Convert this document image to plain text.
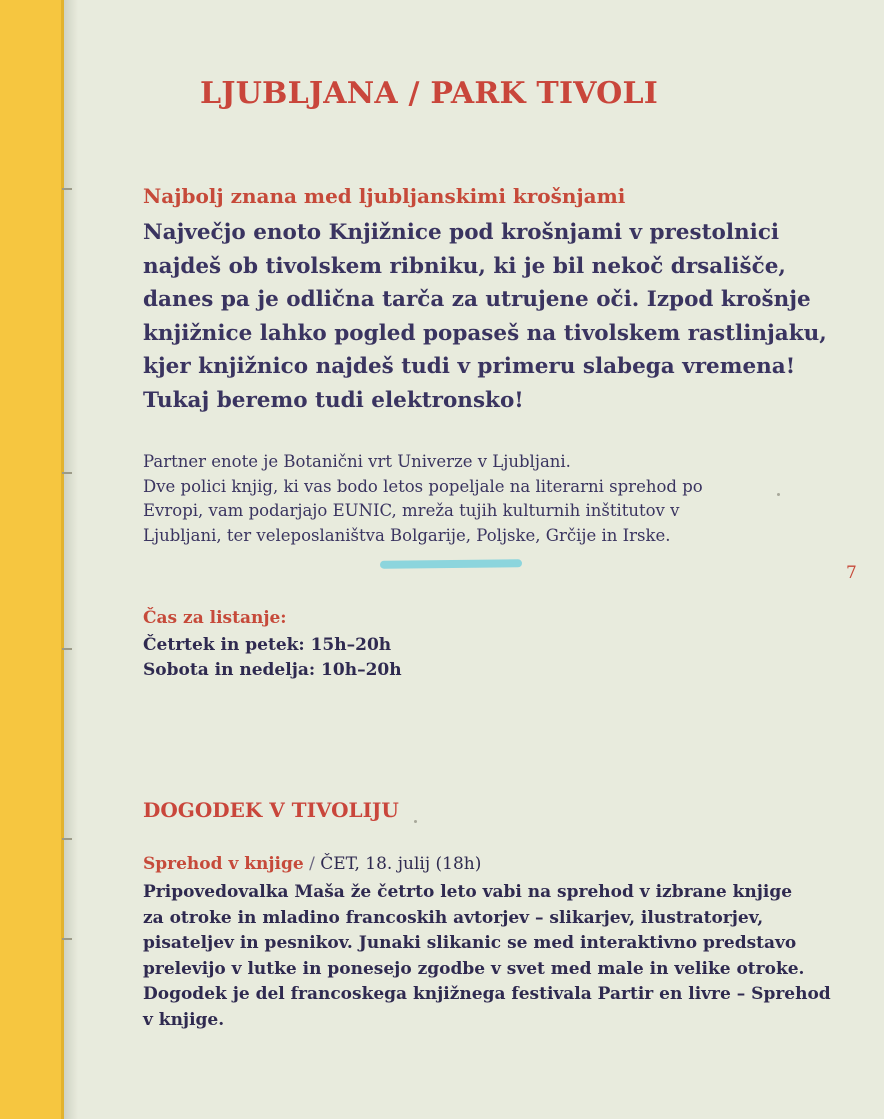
LJUBLJANA / PARK TIVOLI
Najbolj znana med ljubljanskimi krošnjami

Največjo enoto Knjižnice pod krošnjami v prestolnici
najdeš ob tivolskem ribniku, ki je bil nekoč drsališče,
danes pa je odlična tarča za utrujene oči. Izpod krošnje
knjižnice lahko pogled popaseš na tivolskem rastlinjaku,
kjer knjižnico najdeš tudi v primeru slabega vremena!
Tukaj beremo tudi elektronsko!

Partner enote je Botanični vrt Univerze v Ljubljani.
Dve polici knjig, ki vas bodo letos popeljale na literarni sprehod po
Evropi, vam podarjajo EUNIC, mreža tujih kulturnih inštitutov v
Ljubljani, ter veleposlaništva Bolgarije, Poljske, Grčije in Irske.

7
Čas za listanje:
Četrtek in petek: 15h–20h
Sobota in nedelja: 10h–20h
DOGODEK V TIVOLIJU

Sprehod v knjige / ČET, 18. julij (18h)

Pripovedovalka Maša že četrto leto vabi na sprehod v izbrane knjige
za otroke in mladino francoskih avtorjev – slikarjev, ilustratorjev,
pisateljev in pesnikov. Junaki slikanic se med interaktivno predstavo
prelevijo v lutke in ponesejo zgodbe v svet med male in velike otroke.
Dogodek je del francoskega knjižnega festivala Partir en livre – Sprehod
v knjige.
